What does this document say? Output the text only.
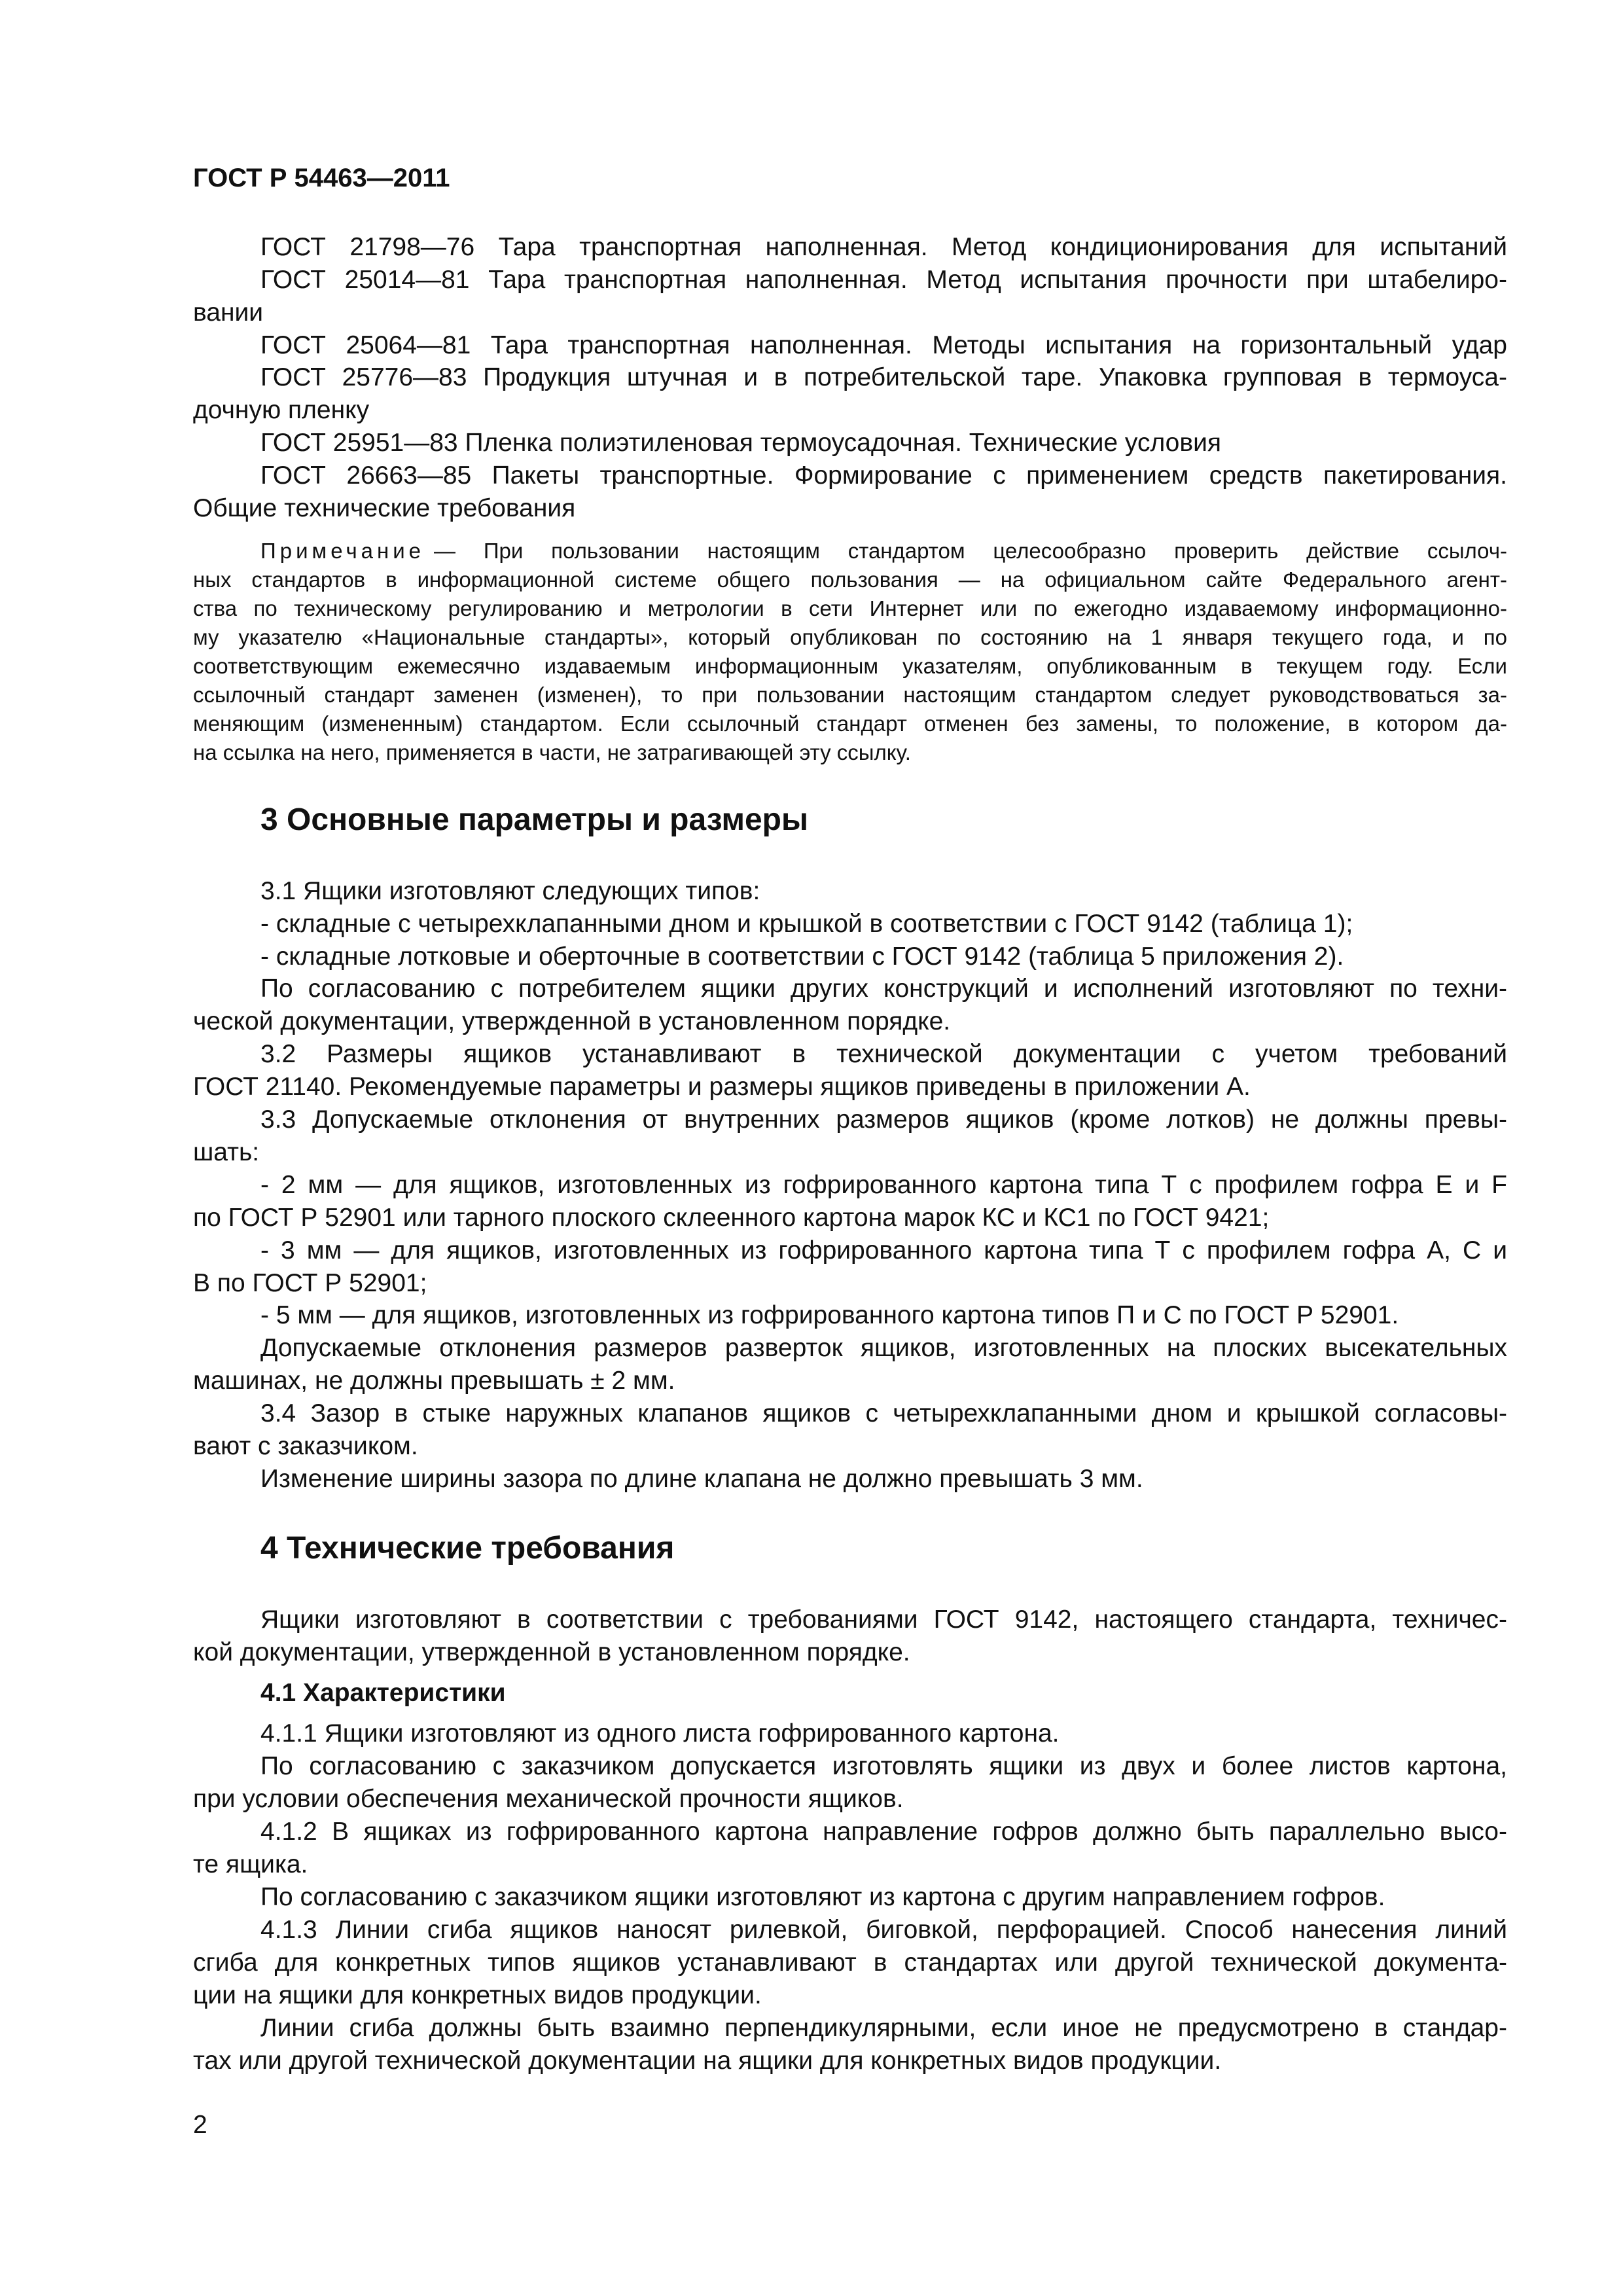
ГОСТ Р 54463—2011
ГОСТ 21798—76 Тара транспортная наполненная. Метод кондиционирования для испытаний
ГОСТ 25014—81 Тара транспортная наполненная. Метод испытания прочности при штабелиро-
вании
ГОСТ 25064—81 Тара транспортная наполненная. Методы испытания на горизонтальный удар
ГОСТ 25776—83 Продукция штучная и в потребительской таре. Упаковка групповая в термоуса-
дочную пленку
ГОСТ 25951—83 Пленка полиэтиленовая термоусадочная. Технические условия
ГОСТ 26663—85 Пакеты транспортные. Формирование с применением средств пакетирования.
Общие технические требования
Примечание — При пользовании настоящим стандартом целесообразно проверить действие ссылоч-
ных стандартов в информационной системе общего пользования — на официальном сайте Федерального агент-
ства по техническому регулированию и метрологии в сети Интернет или по ежегодно издаваемому информационно-
му указателю «Национальные стандарты», который опубликован по состоянию на 1 января текущего года, и по
соответствующим ежемесячно издаваемым информационным указателям, опубликованным в текущем году. Если
ссылочный стандарт заменен (изменен), то при пользовании настоящим стандартом следует руководствоваться за-
меняющим (измененным) стандартом. Если ссылочный стандарт отменен без замены, то положение, в котором да-
на ссылка на него, применяется в части, не затрагивающей эту ссылку.
3 Основные параметры и размеры
3.1 Ящики изготовляют следующих типов:
- складные с четырехклапанными дном и крышкой в соответствии с ГОСТ 9142 (таблица 1);
- складные лотковые и оберточные в соответствии с ГОСТ 9142 (таблица 5 приложения 2).
По согласованию с потребителем ящики других конструкций и исполнений изготовляют по техни-
ческой документации, утвержденной в установленном порядке.
3.2 Размеры ящиков устанавливают в технической документации с учетом требований
ГОСТ 21140. Рекомендуемые параметры и размеры ящиков приведены в приложении А.
3.3 Допускаемые отклонения от внутренних размеров ящиков (кроме лотков) не должны превы-
шать:
- 2 мм — для ящиков, изготовленных из гофрированного картона типа Т с профилем гофра E и F
по ГОСТ Р 52901 или тарного плоского склеенного картона марок КС и КС1 по ГОСТ 9421;
- 3 мм — для ящиков, изготовленных из гофрированного картона типа Т с профилем гофра А, С и
В по ГОСТ Р 52901;
- 5 мм — для ящиков, изготовленных из гофрированного картона типов П и С по ГОСТ Р 52901.
Допускаемые отклонения размеров разверток ящиков, изготовленных на плоских высекательных
машинах, не должны превышать ± 2 мм.
3.4 Зазор в стыке наружных клапанов ящиков с четырехклапанными дном и крышкой согласовы-
вают с заказчиком.
Изменение ширины зазора по длине клапана не должно превышать 3 мм.
4 Технические требования
Ящики изготовляют в соответствии с требованиями ГОСТ 9142, настоящего стандарта, техничес-
кой документации, утвержденной в установленном порядке.
4.1 Характеристики
4.1.1 Ящики изготовляют из одного листа гофрированного картона.
По согласованию с заказчиком допускается изготовлять ящики из двух и более листов картона,
при условии обеспечения механической прочности ящиков.
4.1.2 В ящиках из гофрированного картона направление гофров должно быть параллельно высо-
те ящика.
По согласованию с заказчиком ящики изготовляют из картона с другим направлением гофров.
4.1.3 Линии сгиба ящиков наносят рилевкой, биговкой, перфорацией. Способ нанесения линий
сгиба для конкретных типов ящиков устанавливают в стандартах или другой технической документа-
ции на ящики для конкретных видов продукции.
Линии сгиба должны быть взаимно перпендикулярными, если иное не предусмотрено в стандар-
тах или другой технической документации на ящики для конкретных видов продукции.
2
